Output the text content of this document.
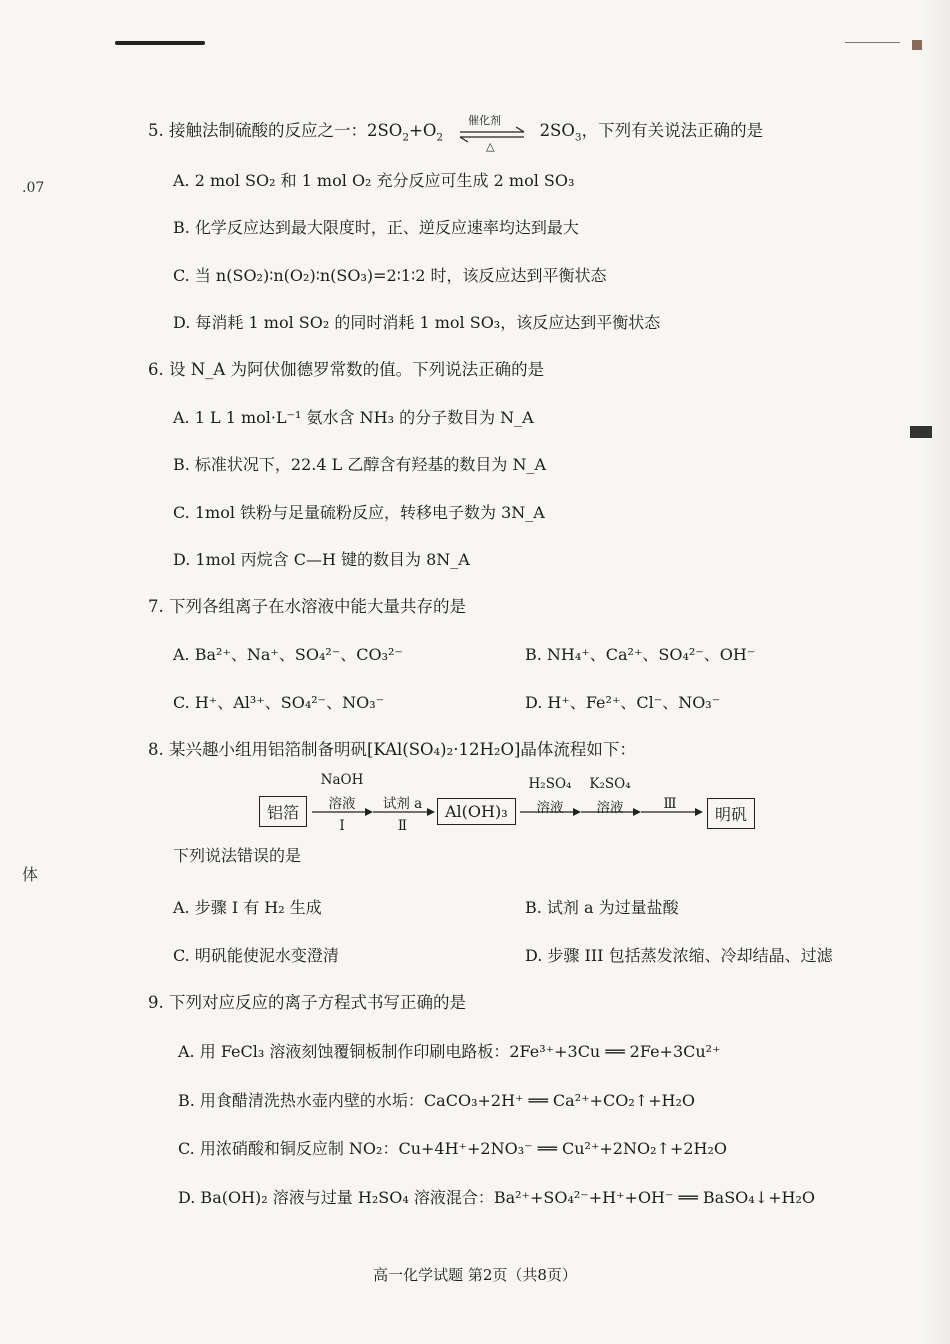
.07
体
5. 接触法制硫酸的反应之一：$2SO_2+O_2$	$2SO_3$，下列有关说法正确的是
催化剂
△
A. 2 mol SO₂ 和 1 mol O₂ 充分反应可生成 2 mol SO₃
B. 化学反应达到最大限度时，正、逆反应速率均达到最大
C. 当 n(SO₂)∶n(O₂)∶n(SO₃)=2∶1∶2 时，该反应达到平衡状态
D. 每消耗 1 mol SO₂ 的同时消耗 1 mol SO₃，该反应达到平衡状态
6. 设 N_A 为阿伏伽德罗常数的值。下列说法正确的是
A. 1 L 1 mol·L⁻¹ 氨水含 NH₃ 的分子数目为 N_A
B. 标准状况下，22.4 L 乙醇含有羟基的数目为 N_A
C. 1mol 铁粉与足量硫粉反应，转移电子数为 3N_A
D. 1mol 丙烷含 C—H 键的数目为 8N_A
7. 下列各组离子在水溶液中能大量共存的是
A. Ba²⁺、Na⁺、SO₄²⁻、CO₃²⁻	B. NH₄⁺、Ca²⁺、SO₄²⁻、OH⁻
C. H⁺、Al³⁺、SO₄²⁻、NO₃⁻	D. H⁺、Fe²⁺、Cl⁻、NO₃⁻
8. 某兴趣小组用铝箔制备明矾[KAl(SO₄)₂·12H₂O]晶体流程如下：
铝箔
NaOH
溶液
Ⅰ
试剂 a
Ⅱ
Al(OH)₃
H₂SO₄
溶液
K₂SO₄
溶液	Ⅲ
明矾
下列说法错误的是
A. 步骤 I 有 H₂ 生成	B. 试剂 a 为过量盐酸
C. 明矾能使泥水变澄清	D. 步骤 III 包括蒸发浓缩、冷却结晶、过滤
9. 下列对应反应的离子方程式书写正确的是
A. 用 FeCl₃ 溶液刻蚀覆铜板制作印刷电路板：2Fe³⁺+3Cu ══ 2Fe+3Cu²⁺
B. 用食醋清洗热水壶内壁的水垢：CaCO₃+2H⁺ ══ Ca²⁺+CO₂↑+H₂O
C. 用浓硝酸和铜反应制 NO₂：Cu+4H⁺+2NO₃⁻ ══ Cu²⁺+2NO₂↑+2H₂O
D. Ba(OH)₂ 溶液与过量 H₂SO₄ 溶液混合：Ba²⁺+SO₄²⁻+H⁺+OH⁻ ══ BaSO₄↓+H₂O
高一化学试题 第2页（共8页）
